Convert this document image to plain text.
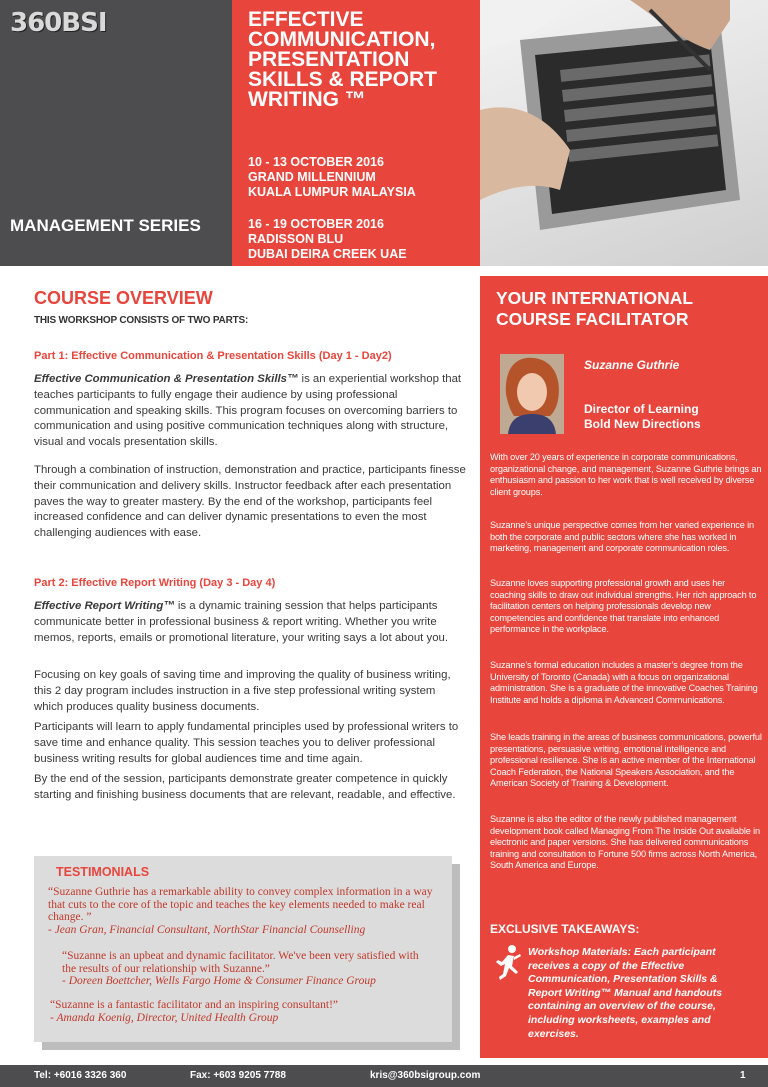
360BSI
MANAGEMENT SERIES
EFFECTIVE COMMUNICATION, PRESENTATION SKILLS & REPORT WRITING ™
10 - 13 OCTOBER 2016
GRAND MILLENNIUM
KUALA LUMPUR MALAYSIA
16 - 19 OCTOBER 2016
RADISSON BLU
DUBAI DEIRA CREEK UAE
COURSE OVERVIEW
THIS WORKSHOP CONSISTS OF TWO PARTS:
Part 1: Effective Communication & Presentation Skills (Day 1 - Day2)
Effective Communication & Presentation Skills™ is an experiential workshop that teaches participants to fully engage their audience by using professional communication and speaking skills. This program focuses on overcoming barriers to communication and using positive communication techniques along with structure, visual and vocals presentation skills.
Through a combination of instruction, demonstration and practice, participants finesse their communication and delivery skills. Instructor feedback after each presentation paves the way to greater mastery. By the end of the workshop, participants feel increased confidence and can deliver dynamic presentations to even the most challenging audiences with ease.
Part 2: Effective Report Writing (Day 3 - Day 4)
Effective Report Writing™ is a dynamic training session that helps participants communicate better in professional business & report writing. Whether you write memos, reports, emails or promotional literature, your writing says a lot about you.
Focusing on key goals of saving time and improving the quality of business writing, this 2 day program includes instruction in a five step professional writing system which produces quality business documents.
Participants will learn to apply fundamental principles used by professional writers to save time and enhance quality. This session teaches you to deliver professional business writing results for global audiences time and time again.
By the end of the session, participants demonstrate greater competence in quickly starting and finishing business documents that are relevant, readable, and effective.
TESTIMONIALS
“Suzanne Guthrie has a remarkable ability to convey complex information in a way that cuts to the core of the topic and teaches the key elements needed to make real change. ”
- Jean Gran, Financial Consultant, NorthStar Financial Counselling
“Suzanne is an upbeat and dynamic facilitator. We've been very satisfied with the results of our relationship with Suzanne.”
- Doreen Boettcher, Wells Fargo Home & Consumer Finance Group
“Suzanne is a fantastic facilitator and an inspiring consultant!”
- Amanda Koenig, Director, United Health Group
YOUR INTERNATIONAL COURSE FACILITATOR
Suzanne Guthrie
Director of Learning
Bold New Directions
With over 20 years of experience in corporate communications, organizational change, and management, Suzanne Guthrie brings an enthusiasm and passion to her work that is well received by diverse client groups.
Suzanne’s unique perspective comes from her varied experience in both the corporate and public sectors where she has worked in marketing, management and corporate communication roles.
Suzanne loves supporting professional growth and uses her coaching skills to draw out individual strengths. Her rich approach to facilitation centers on helping professionals develop new competencies and confidence that translate into enhanced performance in the workplace.
Suzanne’s formal education includes a master’s degree from the University of Toronto (Canada) with a focus on organizational administration. She is a graduate of the innovative Coaches Training Institute and holds a diploma in Advanced Communications.
She leads training in the areas of business communications, powerful presentations, persuasive writing, emotional intelligence and professional resilience. She is an active member of the International Coach Federation, the National Speakers Association, and the American Society of Training & Development.
Suzanne is also the editor of the newly published management development book called Managing From The Inside Out available in electronic and paper versions. She has delivered communications training and consultation to Fortune 500 firms across North America, South America and Europe.
EXCLUSIVE TAKEAWAYS:
Workshop Materials: Each participant receives a copy of the Effective Communication, Presentation Skills & Report Writing™ Manual and handouts containing an overview of the course, including worksheets, examples and exercises.
Tel: +6016 3326 360	Fax: +603 9205 7788	kris@360bsigroup.com	1
